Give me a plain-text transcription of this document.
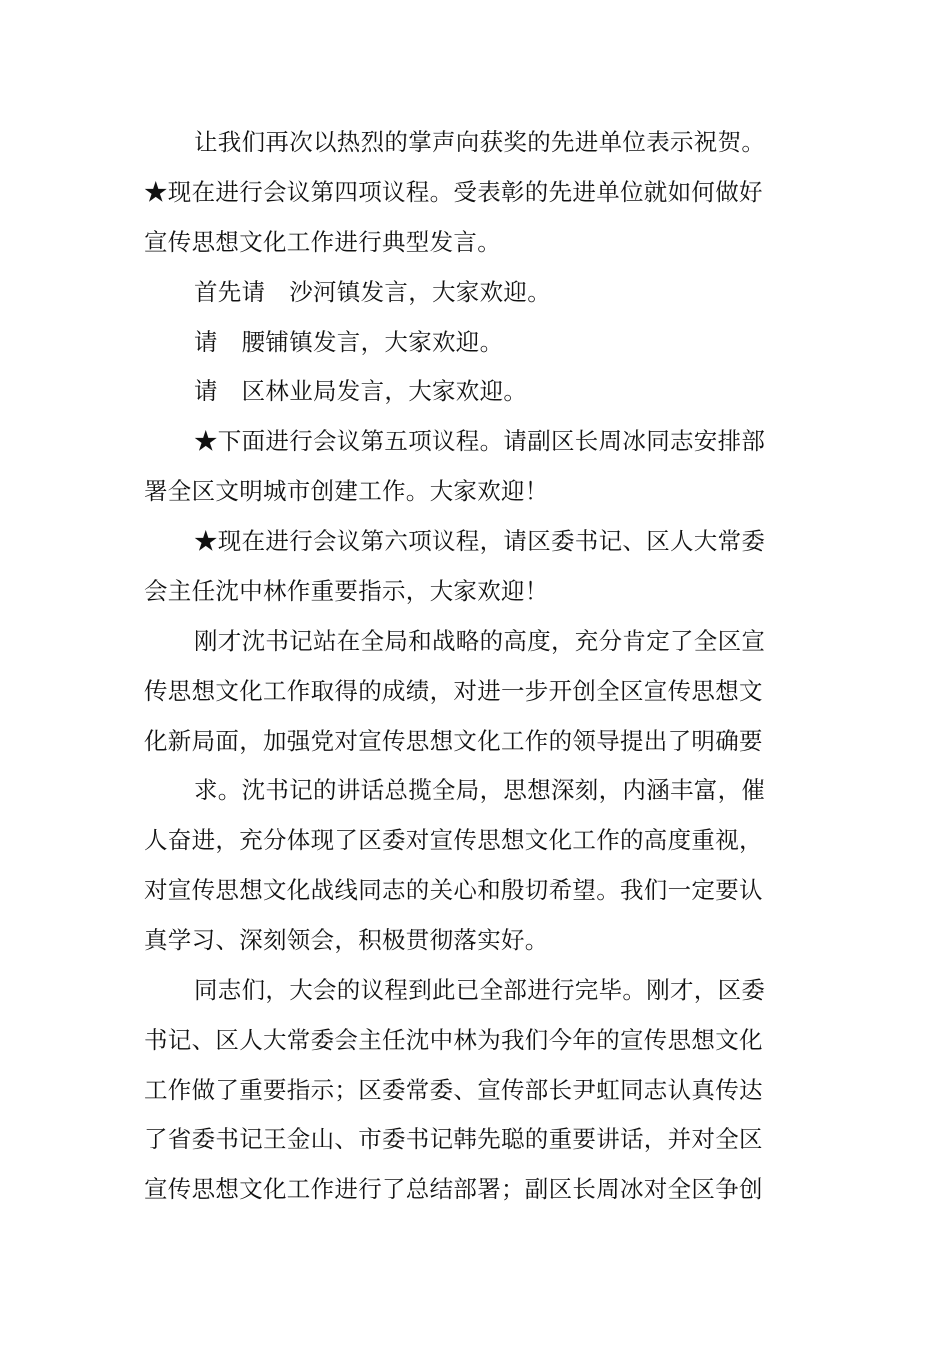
让我们再次以热烈的掌声向获奖的先进单位表示祝贺。
★现在进行会议第四项议程。受表彰的先进单位就如何做好
宣传思想文化工作进行典型发言。
首先请　沙河镇发言，大家欢迎。
请　腰铺镇发言，大家欢迎。
请　区林业局发言，大家欢迎。
★下面进行会议第五项议程。请副区长周冰同志安排部
署全区文明城市创建工作。大家欢迎！
★现在进行会议第六项议程，请区委书记、区人大常委
会主任沈中林作重要指示，大家欢迎！
刚才沈书记站在全局和战略的高度，充分肯定了全区宣
传思想文化工作取得的成绩，对进一步开创全区宣传思想文
化新局面，加强党对宣传思想文化工作的领导提出了明确要
求。沈书记的讲话总揽全局，思想深刻，内涵丰富，催
人奋进，充分体现了区委对宣传思想文化工作的高度重视，
对宣传思想文化战线同志的关心和殷切希望。我们一定要认
真学习、深刻领会，积极贯彻落实好。
同志们，大会的议程到此已全部进行完毕。刚才，区委
书记、区人大常委会主任沈中林为我们今年的宣传思想文化
工作做了重要指示；区委常委、宣传部长尹虹同志认真传达
了省委书记王金山、市委书记韩先聪的重要讲话，并对全区
宣传思想文化工作进行了总结部署；副区长周冰对全区争创
